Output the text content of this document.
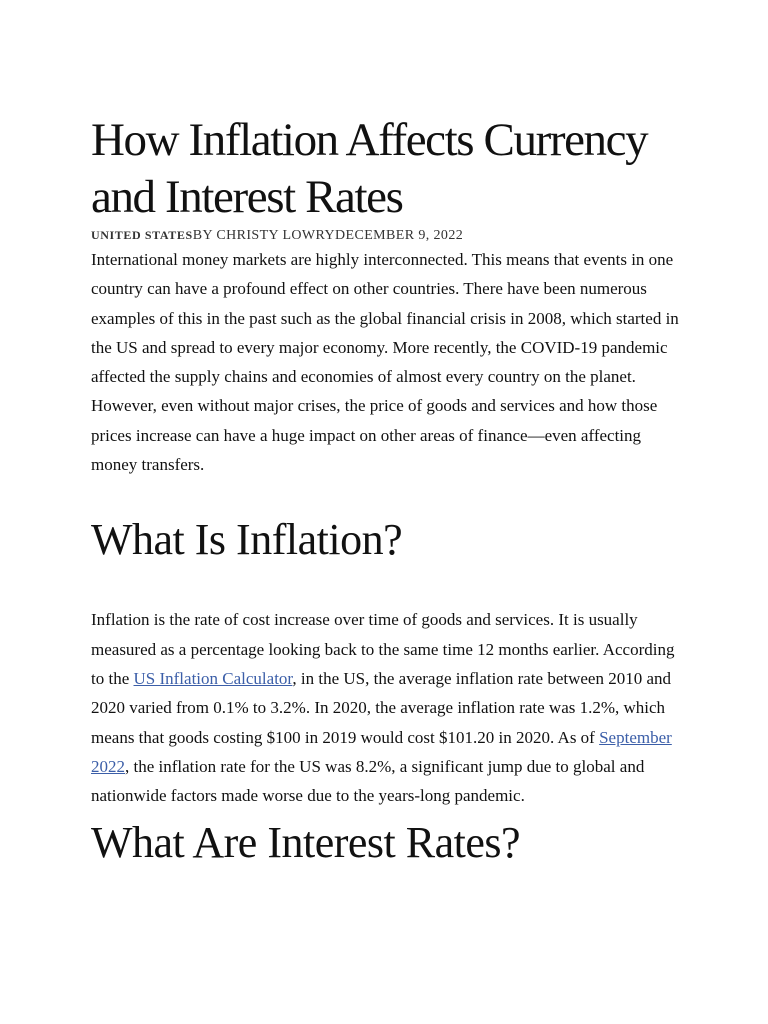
How Inflation Affects Currency and Interest Rates
UNITED STATESBY CHRISTY LOWRYDECEMBER 9, 2022

International money markets are highly interconnected. This means that events in one country can have a profound effect on other countries. There have been numerous examples of this in the past such as the global financial crisis in 2008, which started in the US and spread to every major economy. More recently, the COVID-19 pandemic affected the supply chains and economies of almost every country on the planet. However, even without major crises, the price of goods and services and how those prices increase can have a huge impact on other areas of finance—even affecting money transfers.

What Is Inflation?

Inflation is the rate of cost increase over time of goods and services. It is usually measured as a percentage looking back to the same time 12 months earlier. According to the US Inflation Calculator, in the US, the average inflation rate between 2010 and 2020 varied from 0.1% to 3.2%. In 2020, the average inflation rate was 1.2%, which means that goods costing $100 in 2019 would cost $101.20 in 2020. As of September 2022, the inflation rate for the US was 8.2%, a significant jump due to global and nationwide factors made worse due to the years-long pandemic.

What Are Interest Rates?
